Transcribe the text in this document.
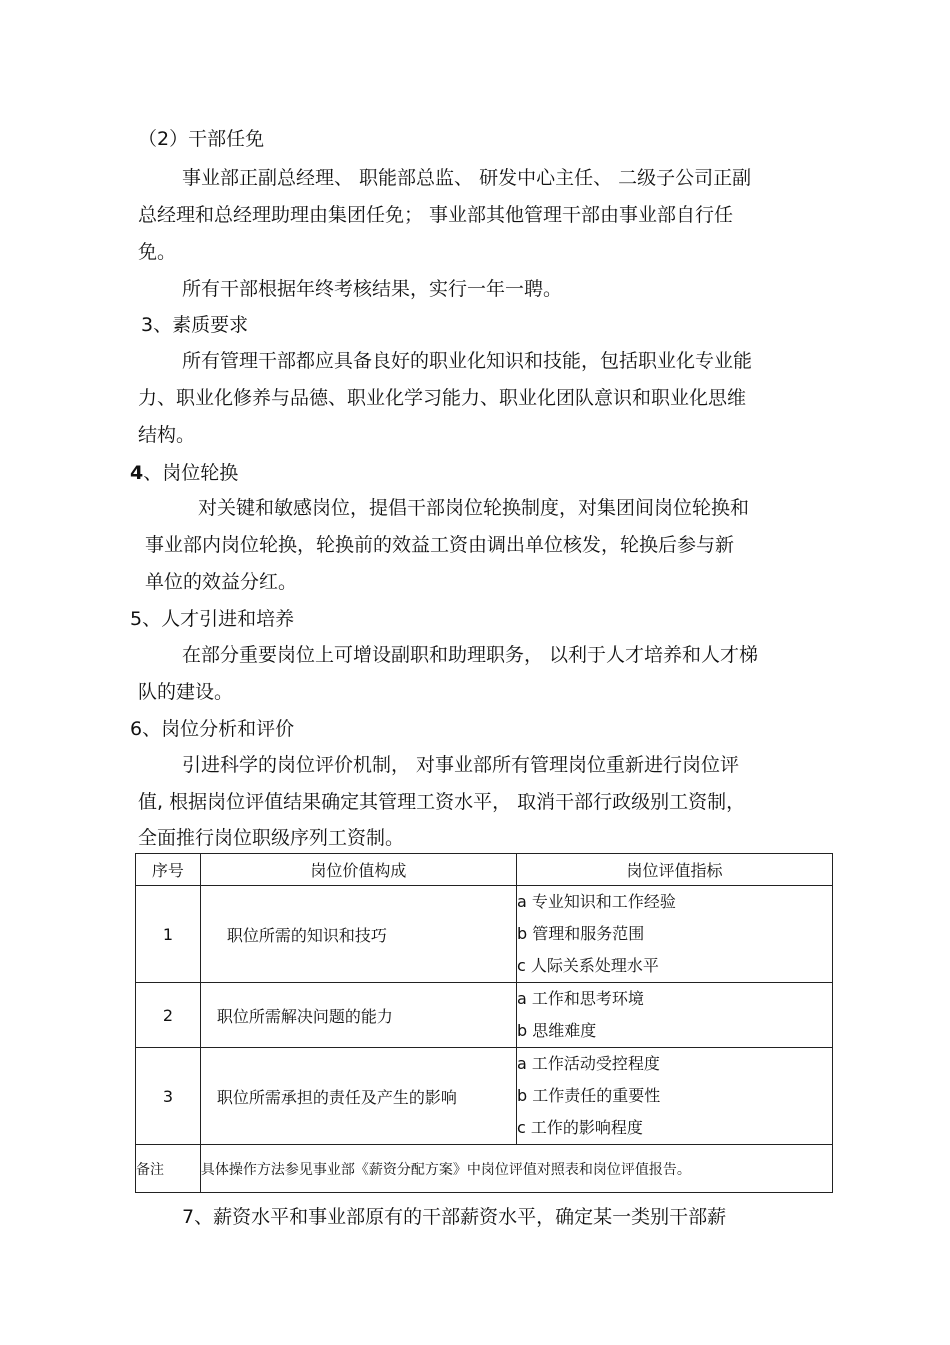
（2）干部任免
事业部正副总经理、 职能部总监、 研发中心主任、 二级子公司正副
总经理和总经理助理由集团任免； 事业部其他管理干部由事业部自行任
免。
所有干部根据年终考核结果，实行一年一聘。
3、素质要求
所有管理干部都应具备良好的职业化知识和技能，包括职业化专业能
力、职业化修养与品德、职业化学习能力、职业化团队意识和职业化思维
结构。
4、岗位轮换
对关键和敏感岗位，提倡干部岗位轮换制度，对集团间岗位轮换和
事业部内岗位轮换，轮换前的效益工资由调出单位核发，轮换后参与新
单位的效益分红。
5、人才引进和培养
在部分重要岗位上可增设副职和助理职务， 以利于人才培养和人才梯
队的建设。
6、岗位分析和评价
引进科学的岗位评价机制， 对事业部所有管理岗位重新进行岗位评
值, 根据岗位评值结果确定其管理工资水平， 取消干部行政级别工资制，
全面推行岗位职级序列工资制。
序号	岗位价值构成	岗位评值指标
1	职位所需的知识和技巧	a 专业知识和工作经验
b 管理和服务范围
c 人际关系处理水平

2	职位所需解决问题的能力	a 工作和思考环境
b 思维难度

3	职位所需承担的责任及产生的影响	a 工作活动受控程度
b 工作责任的重要性
c 工作的影响程度

备注	具体操作方法参见事业部《薪资分配方案》中岗位评值对照表和岗位评值报告。	
7、薪资水平和事业部原有的干部薪资水平，确定某一类别干部薪
